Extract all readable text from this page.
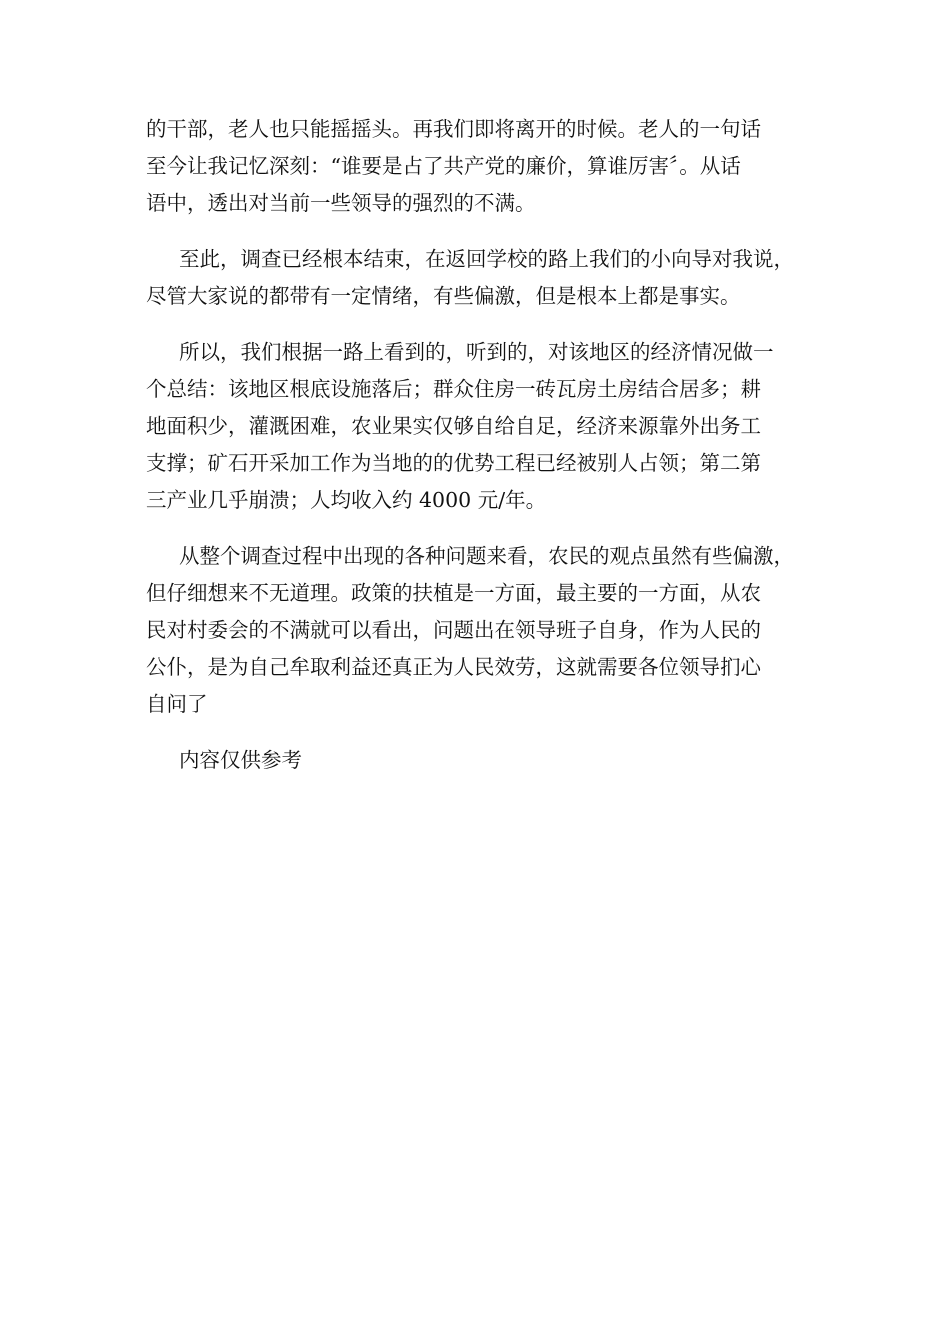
的干部，老人也只能摇摇头。再我们即将离开的时候。老人的一句话
至今让我记忆深刻：“谁要是占了共产党的廉价，算谁厉害〞。从话
语中，透出对当前一些领导的强烈的不满。

至此，调查已经根本结束，在返回学校的路上我们的小向导对我说，
尽管大家说的都带有一定情绪，有些偏激，但是根本上都是事实。

所以，我们根据一路上看到的，听到的，对该地区的经济情况做一
个总结：该地区根底设施落后；群众住房一砖瓦房土房结合居多；耕
地面积少，灌溉困难，农业果实仅够自给自足，经济来源靠外出务工
支撑；矿石开采加工作为当地的的优势工程已经被别人占领；第二第
三产业几乎崩溃；人均收入约 4000 元/年。

从整个调查过程中出现的各种问题来看，农民的观点虽然有些偏激，
但仔细想来不无道理。政策的扶植是一方面，最主要的一方面，从农
民对村委会的不满就可以看出，问题出在领导班子自身，作为人民的
公仆，是为自己牟取利益还真正为人民效劳，这就需要各位领导扪心
自问了

内容仅供参考
